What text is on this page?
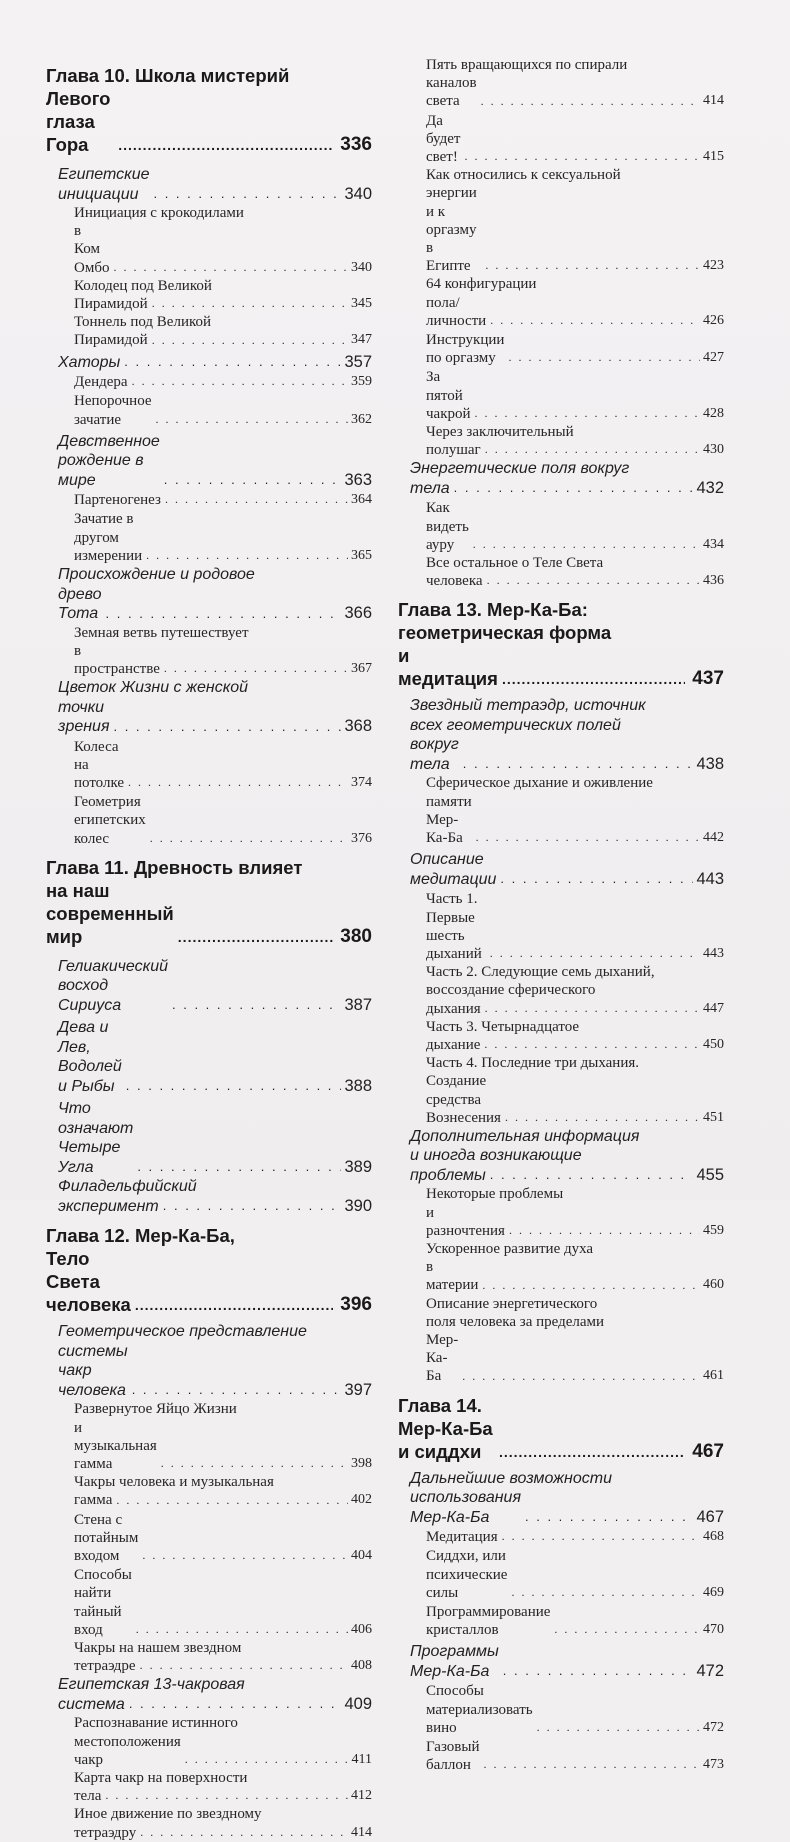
Глава 10. Школа мистерий
Левого глаза Гора .....	336
Египетские инициации . . .	340
Инициация с крокодилами
в Ком Омбо . . .	340
Колодец под Великой
Пирамидой . . .	345
Тоннель под Великой
Пирамидой . . .	347
Хаторы . . .	357
Дендера . . .	359
Непорочное зачатие . . .	362
Девственное рождение в мире . . .	363
Партеногенез . . .	364
Зачатие в другом измерении . . .	365
Происхождение и родовое
древо Тота . . .	366
Земная ветвь путешествует
в пространстве . . .	367
Цветок Жизни с женской
точки зрения . . .	368
Колеса на потолке . . .	374
Геометрия египетских колес . . .	376
Глава 11. Древность влияет
на наш современный мир .....	380
Гелиакический восход Сириуса . . .	387
Дева и Лев, Водолей и Рыбы . . .	388
Что означают Четыре Угла . . .	389
Филадельфийский
эксперимент . . .	390
Глава 12. Мер-Ка-Ба,
Тело Света человека .....	396
Геометрическое представление
системы чакр человека . . .	397
Развернутое Яйцо Жизни
и музыкальная гамма . . .	398
Чакры человека и музыкальная
гамма . . .	402
Стена с потайным входом . . .	404
Способы найти тайный вход . . .	406
Чакры на нашем звездном
тетраэдре . . .	408
Египетская 13-чакровая
система . . .	409
Распознавание истинного
местоположения чакр . . .	411
Карта чакр на поверхности
тела . . .	412
Иное движение по звездному
тетраэдру . . .	414
Пять вращающихся по спирали
каналов света . . .	414
Да будет свет! . . .	415
Как относились к сексуальной
энергии и к оргазму в Египте . . .	423
64 конфигурации
пола/личности . . .	426
Инструкции по оргазму . . .	427
За пятой чакрой . . .	428
Через заключительный
полушаг . . .	430
Энергетические поля вокруг
тела . . .	432
Как видеть ауру . . .	434
Все остальное о Теле Света
человека . . .	436
Глава 13. Мер-Ка-Ба:
геометрическая форма
и медитация .....	437
Звездный тетраэдр, источник
всех геометрических полей
вокруг тела . . .	438
Сферическое дыхание и оживление
памяти Мер-Ка-Ба . . .	442
Описание медитации . . .	443
Часть 1. Первые шесть дыханий . . .	443
Часть 2. Следующие семь дыханий,
воссоздание сферического
дыхания . . .	447
Часть 3. Четырнадцатое
дыхание . . .	450
Часть 4. Последние три дыхания.
Создание средства Вознесения . . .	451
Дополнительная информация
и иногда возникающие
проблемы . . .	455
Некоторые проблемы
и разночтения . . .	459
Ускоренное развитие духа
в материи . . .	460
Описание энергетического
поля человека за пределами
Мер-Ка-Ба . . .	461
Глава 14. Мер-Ка-Ба и сиддхи .....	467
Дальнейшие возможности
использования Мер-Ка-Ба . . .	467
Медитация . . .	468
Сиддхи, или психические силы . . .	469
Программирование кристаллов . . .	470
Программы Мер-Ка-Ба . . .	472
Способы материализовать вино . . .	472
Газовый баллон . . .	473
